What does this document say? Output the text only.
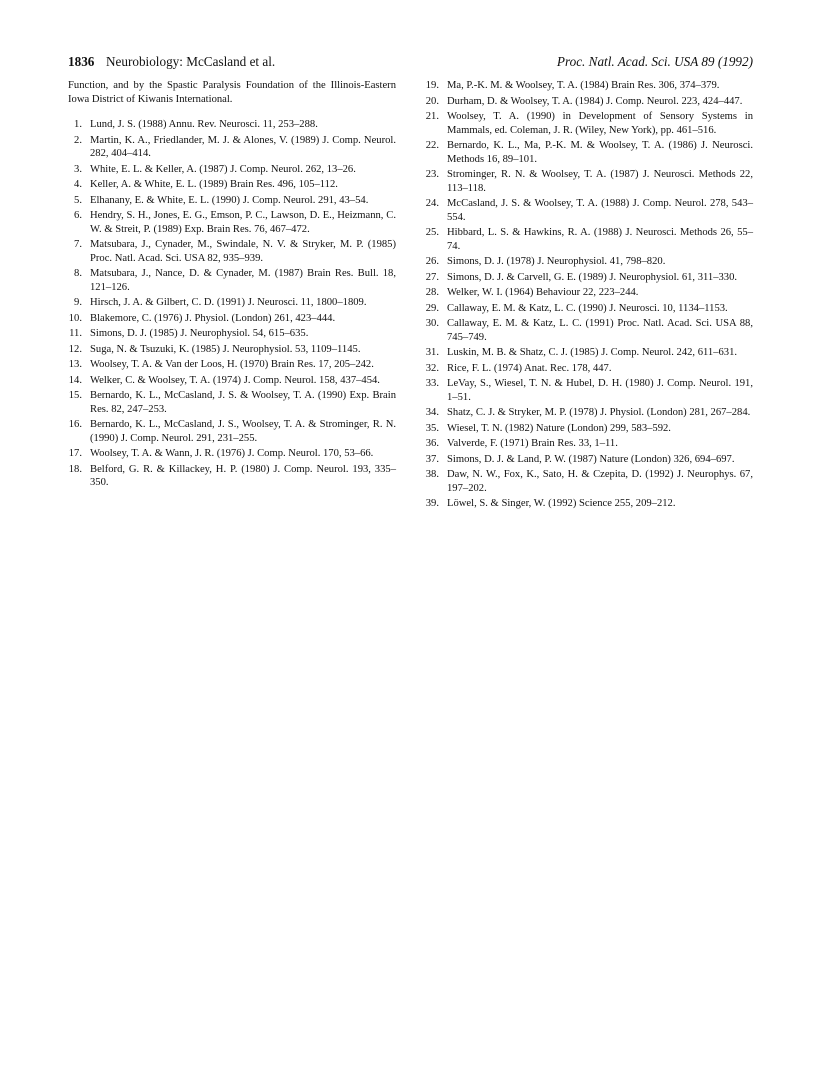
1836 Neurobiology: McCasland et al.	Proc. Natl. Acad. Sci. USA 89 (1992)

Function, and by the Spastic Paralysis Foundation of the Illinois-Eastern Iowa District of Kiwanis International.

1. Lund, J. S. (1988) Annu. Rev. Neurosci. 11, 253–288.
2. Martin, K. A., Friedlander, M. J. & Alones, V. (1989) J. Comp. Neurol. 282, 404–414.
3. White, E. L. & Keller, A. (1987) J. Comp. Neurol. 262, 13–26.
4. Keller, A. & White, E. L. (1989) Brain Res. 496, 105–112.
5. Elhanany, E. & White, E. L. (1990) J. Comp. Neurol. 291, 43–54.
6. Hendry, S. H., Jones, E. G., Emson, P. C., Lawson, D. E., Heizmann, C. W. & Streit, P. (1989) Exp. Brain Res. 76, 467–472.
7. Matsubara, J., Cynader, M., Swindale, N. V. & Stryker, M. P. (1985) Proc. Natl. Acad. Sci. USA 82, 935–939.
8. Matsubara, J., Nance, D. & Cynader, M. (1987) Brain Res. Bull. 18, 121–126.
9. Hirsch, J. A. & Gilbert, C. D. (1991) J. Neurosci. 11, 1800–1809.
10. Blakemore, C. (1976) J. Physiol. (London) 261, 423–444.
11. Simons, D. J. (1985) J. Neurophysiol. 54, 615–635.
12. Suga, N. & Tsuzuki, K. (1985) J. Neurophysiol. 53, 1109–1145.
13. Woolsey, T. A. & Van der Loos, H. (1970) Brain Res. 17, 205–242.
14. Welker, C. & Woolsey, T. A. (1974) J. Comp. Neurol. 158, 437–454.
15. Bernardo, K. L., McCasland, J. S. & Woolsey, T. A. (1990) Exp. Brain Res. 82, 247–253.
16. Bernardo, K. L., McCasland, J. S., Woolsey, T. A. & Strominger, R. N. (1990) J. Comp. Neurol. 291, 231–255.
17. Woolsey, T. A. & Wann, J. R. (1976) J. Comp. Neurol. 170, 53–66.
18. Belford, G. R. & Killackey, H. P. (1980) J. Comp. Neurol. 193, 335–350.
19. Ma, P.-K. M. & Woolsey, T. A. (1984) Brain Res. 306, 374–379.
20. Durham, D. & Woolsey, T. A. (1984) J. Comp. Neurol. 223, 424–447.
21. Woolsey, T. A. (1990) in Development of Sensory Systems in Mammals, ed. Coleman, J. R. (Wiley, New York), pp. 461–516.
22. Bernardo, K. L., Ma, P.-K. M. & Woolsey, T. A. (1986) J. Neurosci. Methods 16, 89–101.
23. Strominger, R. N. & Woolsey, T. A. (1987) J. Neurosci. Methods 22, 113–118.
24. McCasland, J. S. & Woolsey, T. A. (1988) J. Comp. Neurol. 278, 543–554.
25. Hibbard, L. S. & Hawkins, R. A. (1988) J. Neurosci. Methods 26, 55–74.
26. Simons, D. J. (1978) J. Neurophysiol. 41, 798–820.
27. Simons, D. J. & Carvell, G. E. (1989) J. Neurophysiol. 61, 311–330.
28. Welker, W. I. (1964) Behaviour 22, 223–244.
29. Callaway, E. M. & Katz, L. C. (1990) J. Neurosci. 10, 1134–1153.
30. Callaway, E. M. & Katz, L. C. (1991) Proc. Natl. Acad. Sci. USA 88, 745–749.
31. Luskin, M. B. & Shatz, C. J. (1985) J. Comp. Neurol. 242, 611–631.
32. Rice, F. L. (1974) Anat. Rec. 178, 447.
33. LeVay, S., Wiesel, T. N. & Hubel, D. H. (1980) J. Comp. Neurol. 191, 1–51.
34. Shatz, C. J. & Stryker, M. P. (1978) J. Physiol. (London) 281, 267–284.
35. Wiesel, T. N. (1982) Nature (London) 299, 583–592.
36. Valverde, F. (1971) Brain Res. 33, 1–11.
37. Simons, D. J. & Land, P. W. (1987) Nature (London) 326, 694–697.
38. Daw, N. W., Fox, K., Sato, H. & Czepita, D. (1992) J. Neurophys. 67, 197–202.
39. Löwel, S. & Singer, W. (1992) Science 255, 209–212.
